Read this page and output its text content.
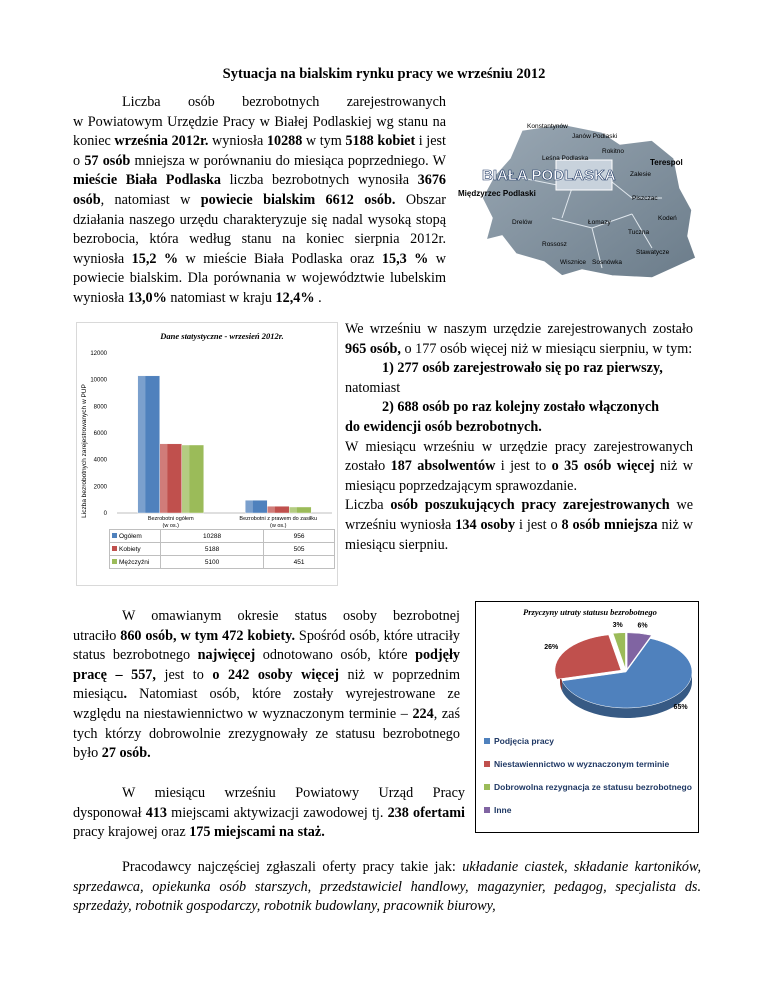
Sytuacja na bialskim rynku pracy we wrześniu 2012
Liczba osób bezrobotnych zarejestrowanych
w Powiatowym Urzędzie Pracy w Białej Podlaskiej wg stanu na koniec września 2012r. wyniosła 10288 w tym 5188 kobiet i jest o 57 osób mniejsza w porównaniu do miesiąca poprzedniego. W mieście Biała Podlaska liczba bezrobotnych wynosiła 3676 osób, natomiast w powiecie bialskim 6612 osób. Obszar działania naszego urzędu charakteryzuje się nadal wysoką stopą bezrobocia, która według stanu na koniec sierpnia 2012r. wyniosła 15,2 % w mieście Biała Podlaska oraz 15,3 % w powiecie bialskim. Dla porównania w województwie lubelskim wyniosła 13,0% natomiast w kraju 12,4% .
Konstantynów
Janów Podlaski
Rokitno
Leśna Podlaska	Terespol
Zalesie
Międzyrzec Podlaski
Piszczac
Kodeń
Drelów	Łomazy
Tuczna
Sosnówka
Stawatycze
Wisznice
Rossosz
BIAŁA PODLASKA
Dane statystyczne - wrzesień 2012r.
Liczba bezrobotnych zarejestrowanych w PUP	0
2000
4000
6000
8000
10000
12000
Bezrobotni ogółem
(w os.)
Bezrobotni z prawem do zasiłku
(w os.)
Ogółem	10288	956
Kobiety	5188	505
Mężczyźni	5100	451
We wrześniu w naszym urzędzie zarejestrowanych zostało 965 osób, o 177 osób więcej niż w miesiącu sierpniu, w tym:
1) 277 osób zarejestrowało się po raz pierwszy,
natomiast
2) 688 osób po raz kolejny zostało włączonych
do ewidencji osób bezrobotnych.
W miesiącu wrześniu w urzędzie pracy zarejestrowanych zostało 187 absolwentów i jest to o 35 osób więcej niż w miesiącu poprzedzającym sprawozdanie.
Liczba osób poszukujących pracy zarejestrowanych we wrześniu wyniosła 134 osoby i jest o 8 osób mniejsza niż w miesiącu sierpniu.
W omawianym okresie status osoby bezrobotnej
utraciło 860 osób, w tym 472 kobiety. Spośród osób, które utraciły status bezrobotnego najwięcej odnotowano osób, które podjęły pracę – 557, jest to o 242 osoby więcej niż w poprzednim miesiącu. Natomiast osób, które zostały wyrejestrowane ze względu na niestawiennictwo w wyznaczonym terminie – 224, zaś tych którzy dobrowolnie zrezygnowały ze statusu bezrobotnego było 27 osób.
Przyczyny utraty statusu bezrobotnego
65%
26%
3% 6%
Podjęcia pracy
Niestawiennictwo w wyznaczonym terminie
Dobrowolna rezygnacja ze statusu bezrobotnego
Inne
W miesiącu wrześniu Powiatowy Urząd Pracy
dysponował 413 miejscami aktywizacji zawodowej tj. 238 ofertami pracy krajowej oraz 175 miejscami na staż.
Pracodawcy najczęściej zgłaszali oferty pracy takie jak: układanie ciastek, składanie kartoników, sprzedawca, opiekunka osób starszych, przedstawiciel handlowy, magazynier, pedagog, specjalista ds. sprzedaży, robotnik gospodarczy, robotnik budowlany, pracownik biurowy,
